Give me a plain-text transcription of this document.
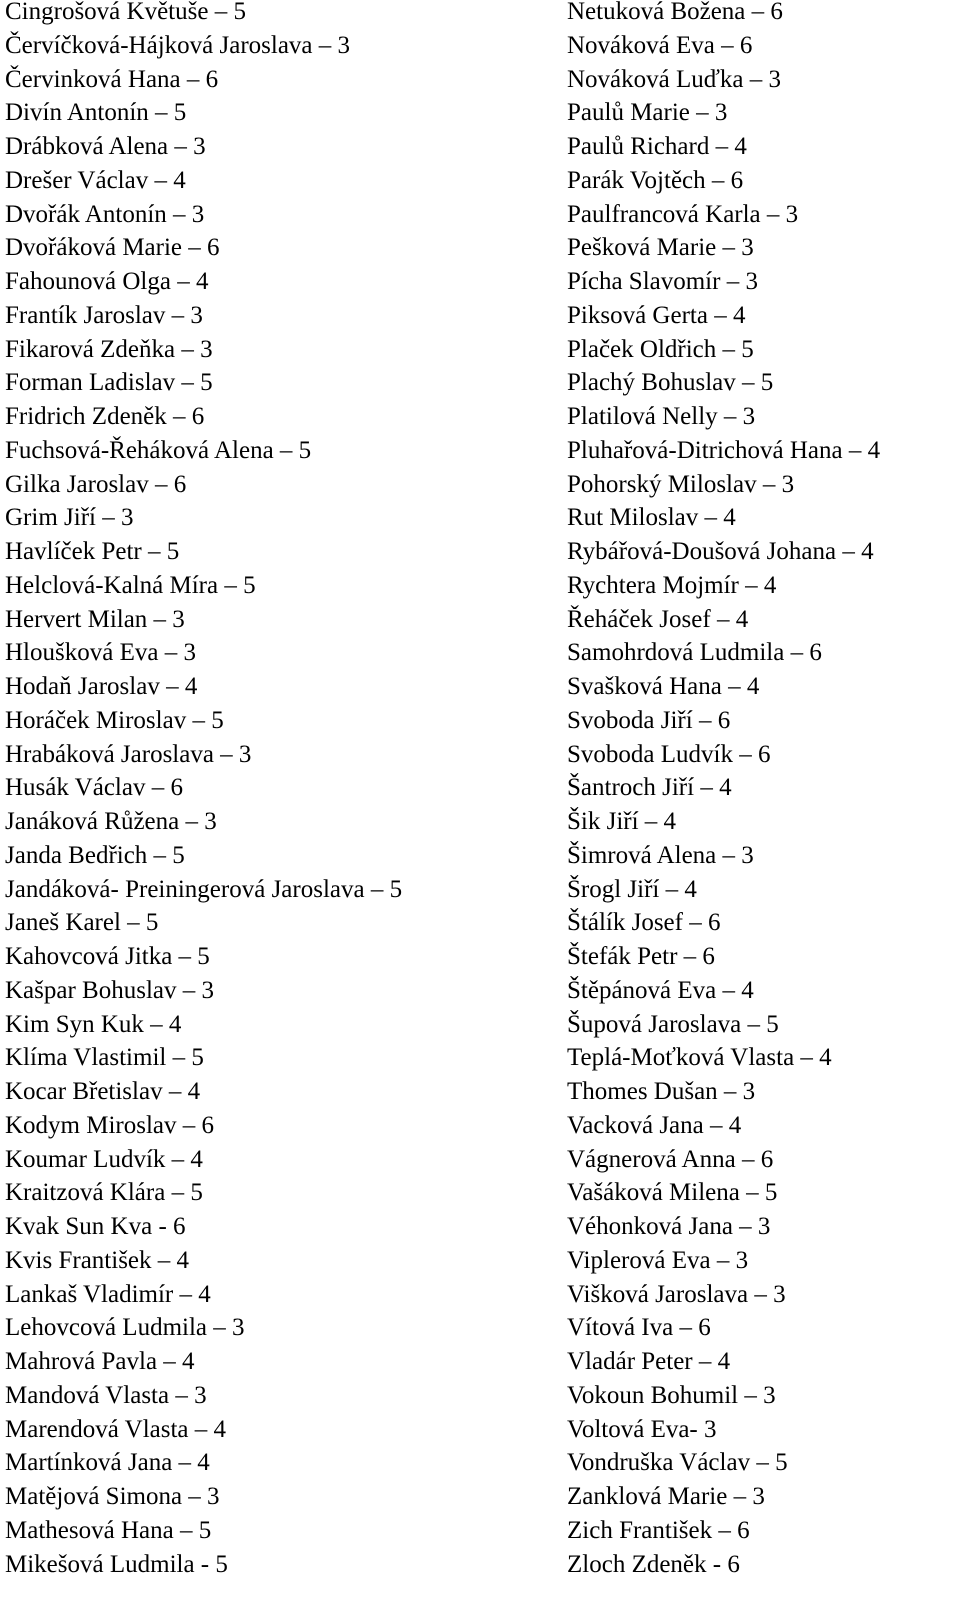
Cingrošová Květuše – 5
Červíčková-Hájková Jaroslava – 3
Červinková Hana – 6
Divín Antonín – 5
Drábková Alena – 3
Drešer Václav – 4
Dvořák Antonín – 3
Dvořáková Marie – 6
Fahounová Olga – 4
Frantík Jaroslav – 3
Fikarová Zdeňka – 3
Forman Ladislav – 5
Fridrich Zdeněk – 6
Fuchsová-Řeháková Alena – 5
Gilka Jaroslav – 6
Grim Jiří – 3
Havlíček Petr – 5
Helclová-Kalná Míra – 5
Hervert Milan – 3
Hloušková Eva – 3
Hodaň Jaroslav – 4
Horáček Miroslav – 5
Hrabáková Jaroslava – 3
Husák Václav – 6
Janáková Růžena – 3
Janda Bedřich – 5
Jandáková- Preiningerová Jaroslava – 5
Janeš Karel – 5
Kahovcová Jitka – 5
Kašpar Bohuslav – 3
Kim Syn Kuk – 4
Klíma Vlastimil – 5
Kocar Břetislav – 4
Kodym Miroslav – 6
Koumar Ludvík – 4
Kraitzová Klára – 5
Kvak Sun Kva - 6
Kvis František – 4
Lankaš Vladimír – 4
Lehovcová Ludmila – 3
Mahrová Pavla – 4
Mandová Vlasta – 3
Marendová Vlasta – 4
Martínková Jana – 4
Matějová Simona – 3
Mathesová Hana – 5
Mikešová Ludmila - 5
Netuková Božena – 6
Nováková Eva – 6
Nováková Luďka – 3
Paulů Marie – 3
Paulů Richard – 4
Parák Vojtěch – 6
Paulfrancová Karla – 3
Pešková Marie – 3
Pícha Slavomír – 3
Piksová Gerta – 4
Plaček Oldřich – 5
Plachý Bohuslav – 5
Platilová Nelly – 3
Pluhařová-Ditrichová Hana – 4
Pohorský Miloslav – 3
Rut Miloslav – 4
Rybářová-Doušová Johana – 4
Rychtera Mojmír – 4
Řeháček Josef – 4
Samohrdová Ludmila – 6
Svašková Hana – 4
Svoboda Jiří – 6
Svoboda Ludvík – 6
Šantroch Jiří – 4
Šik Jiří – 4
Šimrová Alena – 3
Šrogl Jiří – 4
Štálík Josef – 6
Štefák Petr – 6
Štěpánová Eva – 4
Šupová Jaroslava – 5
Teplá-Moťková Vlasta – 4
Thomes Dušan – 3
Vacková Jana – 4
Vágnerová Anna – 6
Vašáková Milena – 5
Véhonková Jana – 3
Viplerová Eva – 3
Višková Jaroslava – 3
Vítová Iva – 6
Vladár Peter – 4
Vokoun Bohumil – 3
Voltová Eva- 3
Vondruška Václav – 5
Zanklová Marie – 3
Zich František – 6
Zloch Zdeněk - 6
